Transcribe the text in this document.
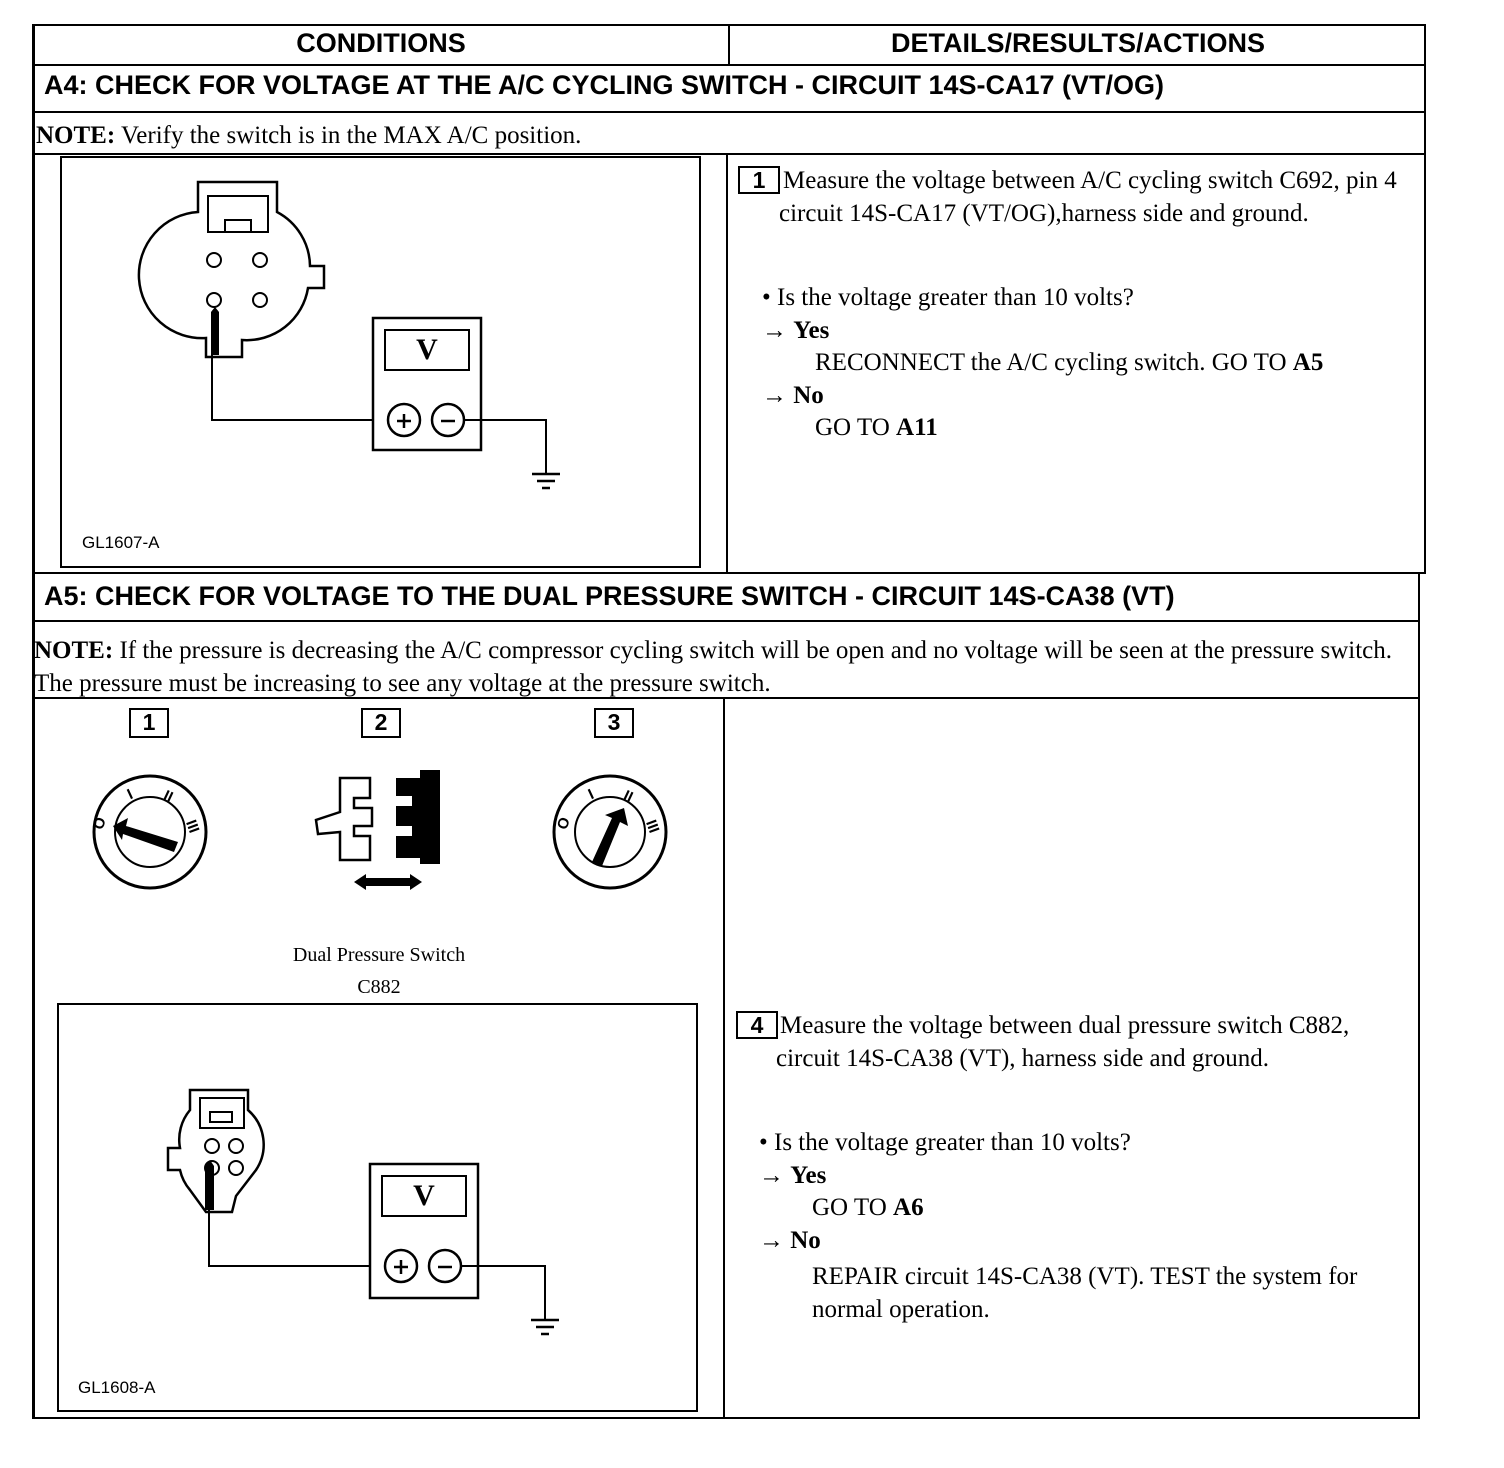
CONDITIONS	DETAILS/RESULTS/ACTIONS
A4: CHECK FOR VOLTAGE AT THE A/C CYCLING SWITCH - CIRCUIT 14S-CA17 (VT/OG)
NOTE: Verify the switch is in the MAX A/C position.
V
GL1607-A
1 Measure the voltage between A/C cycling switch C692, pin 4 circuit 14S-CA17 (VT/OG),harness side and ground.
• Is the voltage greater than 10 volts?
→ Yes
RECONNECT the A/C cycling switch. GO TO A5
→ No
GO TO A11
A5: CHECK FOR VOLTAGE TO THE DUAL PRESSURE SWITCH - CIRCUIT 14S-CA38 (VT)
NOTE: If the pressure is decreasing the A/C compressor cycling switch will be open and no voltage will be seen at the pressure switch. The pressure must be increasing to see any voltage at the pressure switch.
1	2	3
O
I II
III	O
I II
III
Dual Pressure Switch
C882
V
GL1608-A
4 Measure the voltage between dual pressure switch C882, circuit 14S-CA38 (VT), harness side and ground.
• Is the voltage greater than 10 volts?
→ Yes
GO TO A6
→ No
REPAIR circuit 14S-CA38 (VT). TEST the system for normal operation.
